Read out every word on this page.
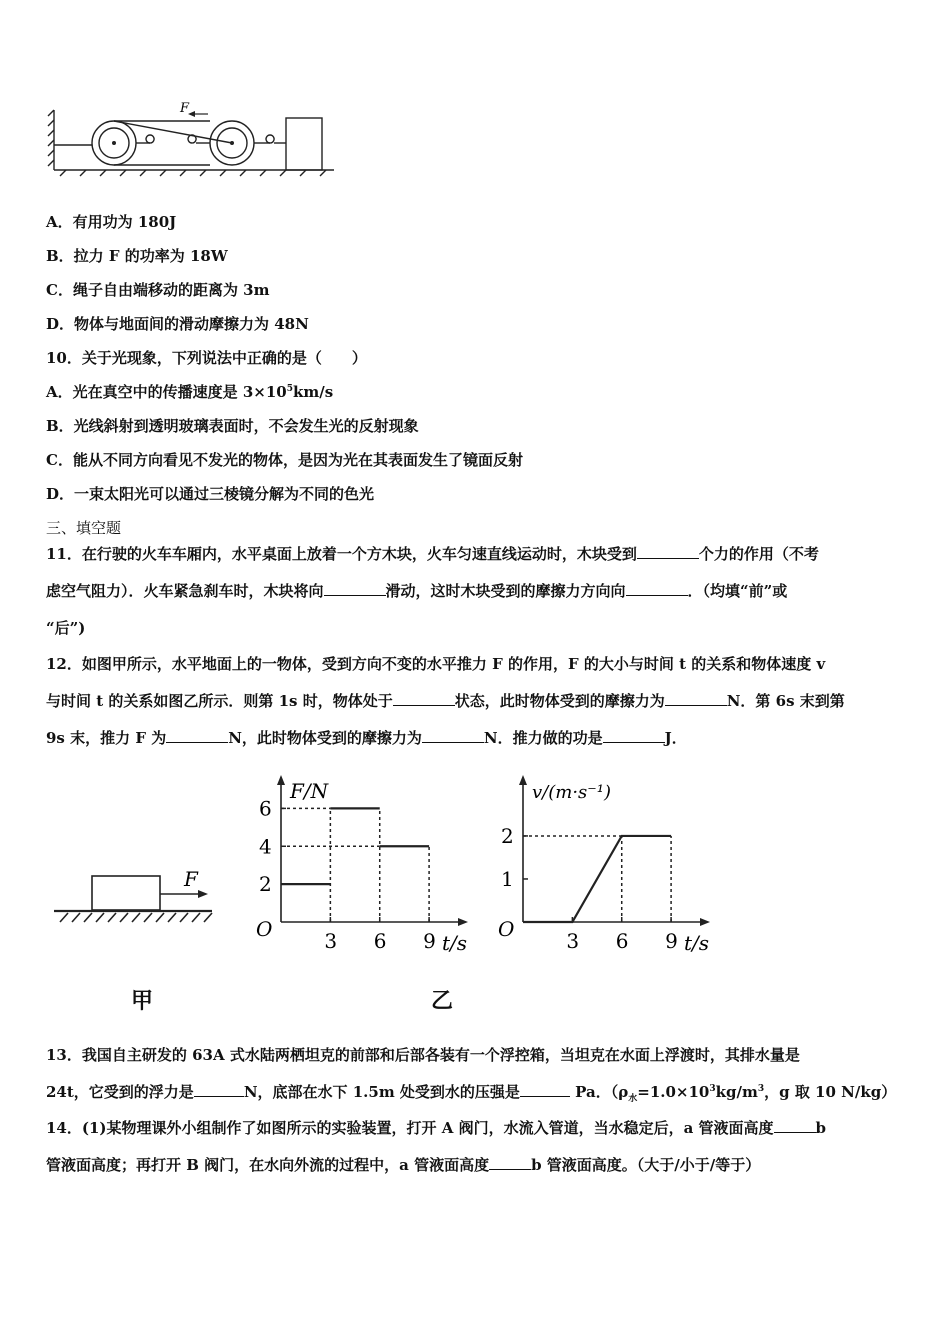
F
A．有用功为 180J
B．拉力 F 的功率为 18W
C．绳子自由端移动的距离为 3m
D．物体与地面间的滑动摩擦力为 48N
10．关于光现象，下列说法中正确的是（　　）
A．光在真空中的传播速度是 $3\times 10^5km/s$
B．光线斜射到透明玻璃表面时，不会发生光的反射现象
C．能从不同方向看见不发光的物体，是因为光在其表面发生了镜面反射
D．一束太阳光可以通过三棱镜分解为不同的色光
三、填空题
11．在行驶的火车车厢内，水平桌面上放着一个方木块，火车匀速直线运动时，木块受到	个力的作用（不考
虑空气阻力）．火车紧急刹车时，木块将向	滑动，这时木块受到的摩擦力方向向	．（均填“前”或
“后”)
12．如图甲所示，水平地面上的一物体，受到方向不变的水平推力 F 的作用，F 的大小与时间 t 的关系和物体速度 v
与时间 t 的关系如图乙所示．则第 1s 时，物体处于	状态，此时物体受到的摩擦力为	N．第 6s 末到第
9s 末，推力 F 为	N，此时物体受到的摩擦力为	N．推力做的功是	J．
F
甲
F/N
O
t/s
3 6 9
2
4
6
乙
v/(m·s⁻¹)
O
t/s
3 6 9
1
2
13．我国自主研发的 63A 式水陆两栖坦克的前部和后部各装有一个浮控箱，当坦克在水面上浮渡时，其排水量是
24t，它受到的浮力是	N，底部在水下 1.5m 处受到水的压强是	Pa．（$\rho_水=1.0\times 10^3kg/m^3$，g 取 10 N/kg）
14．(1)某物理课外小组制作了如图所示的实验装置，打开 A 阀门，水流入管道，当水稳定后，a 管液面高度	b
管液面高度；再打开 B 阀门，在水向外流的过程中，a 管液面高度	b 管液面高度。（大于/小于/等于）
